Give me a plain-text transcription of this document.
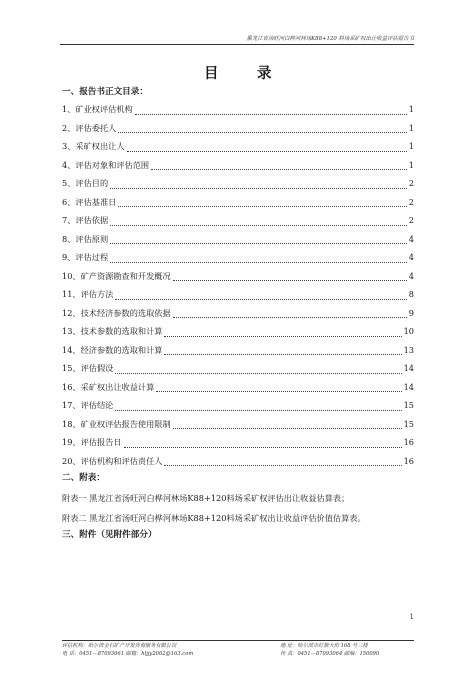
黑龙江省汤旺河白桦河林场K88+120 料场采矿权出让收益评估报告书
目	录
一、报告书正文目录：
1、矿业权评估机构	1
2、评估委托人	1
3、采矿权出让人	1
4、评估对象和评估范围	1
5、评估目的	2
6、评估基准日	2
7、评估依据	2
8、评估原则	4
9、评估过程	4
10、矿产资源勘查和开发概况	4
11、评估方法	8
12、技术经济参数的选取依据	9
13、技术参数的选取和计算	10
14、经济参数的选取和计算	13
15、评估假设	14
16、采矿权出让收益计算	14
17、评估结论	15
18、矿业权评估报告使用限制	15
19、评估报告日	16
20、评估机构和评估责任人	16
二、附表：
附表一 黑龙江省汤旺河白桦河林场K88+120料场采矿权评估出让收益估算表；
附表二 黑龙江省汤旺河白桦河林场K88+120料场采矿权出让收益评估价值估算表。
三、附件（见附件部分）
1
评估机构：哈尔滨金石矿产开发咨询服务有限公司	地 址：哈尔滨市红旗大街 168 号三楼
电 话：0451—87093061 邮箱：hljjy2002@163.com	传 真：0451—87093064 邮编：150090
